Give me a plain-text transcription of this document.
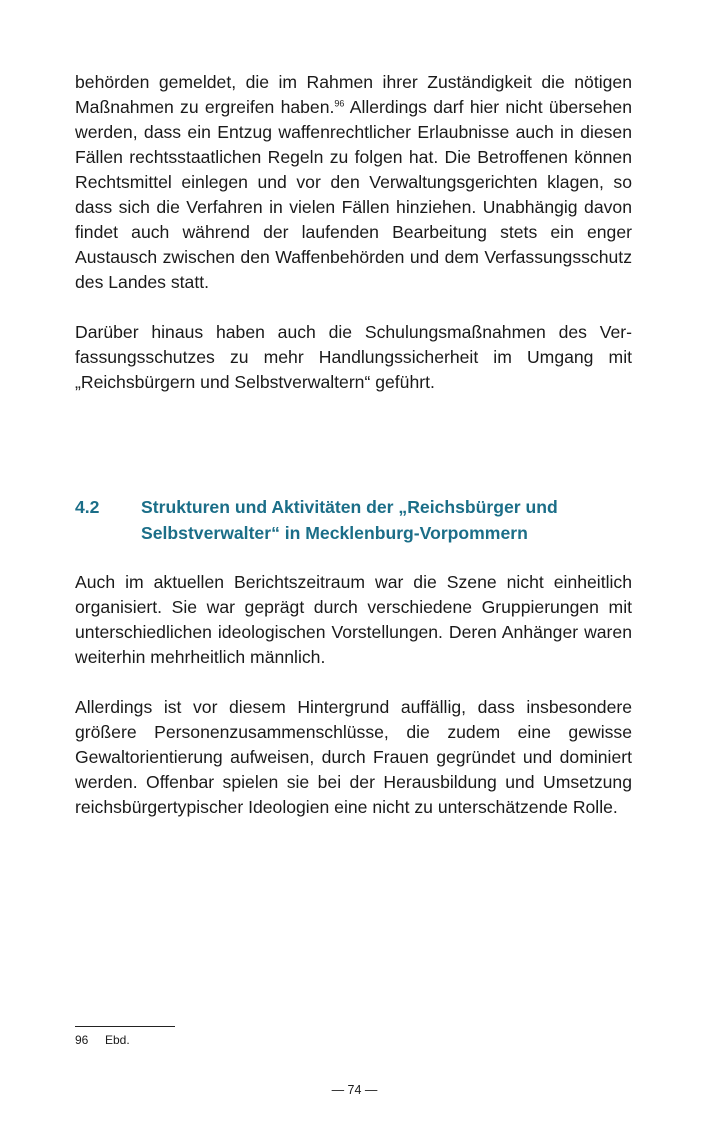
behörden gemeldet, die im Rahmen ihrer Zuständigkeit die nötigen Maßnahmen zu ergreifen haben.$^{96}$ Allerdings darf hier nicht übersehen werden, dass ein Entzug waffenrechtlicher Erlaubnisse auch in diesen Fällen rechtsstaatlichen Regeln zu folgen hat. Die Betroffenen können Rechtsmittel einlegen und vor den Verwaltungsgerichten klagen, so dass sich die Verfahren in vielen Fällen hinziehen. Unabhängig davon findet auch während der laufenden Bearbeitung stets ein enger Austausch zwischen den Waffenbehörden und dem Verfassungsschutz des Landes statt.

Darüber hinaus haben auch die Schulungsmaßnahmen des Verfassungsschutzes zu mehr Handlungssicherheit im Umgang mit „Reichsbürgern und Selbstverwaltern“ geführt.

4.2	Strukturen und Aktivitäten der „Reichsbürger und Selbstverwalter“ in Mecklenburg-Vorpommern

Auch im aktuellen Berichtszeitraum war die Szene nicht einheitlich organisiert. Sie war geprägt durch verschiedene Gruppierungen mit unterschiedlichen ideologischen Vorstellungen. Deren Anhänger waren weiterhin mehrheitlich männlich.

Allerdings ist vor diesem Hintergrund auffällig, dass insbesondere größere Personenzusammenschlüsse, die zudem eine gewisse Gewaltorientierung aufweisen, durch Frauen gegründet und dominiert werden. Offenbar spielen sie bei der Herausbildung und Umsetzung reichsbürgertypischer Ideologien eine nicht zu unterschätzende Rolle.

96	Ebd.
— 74 —
